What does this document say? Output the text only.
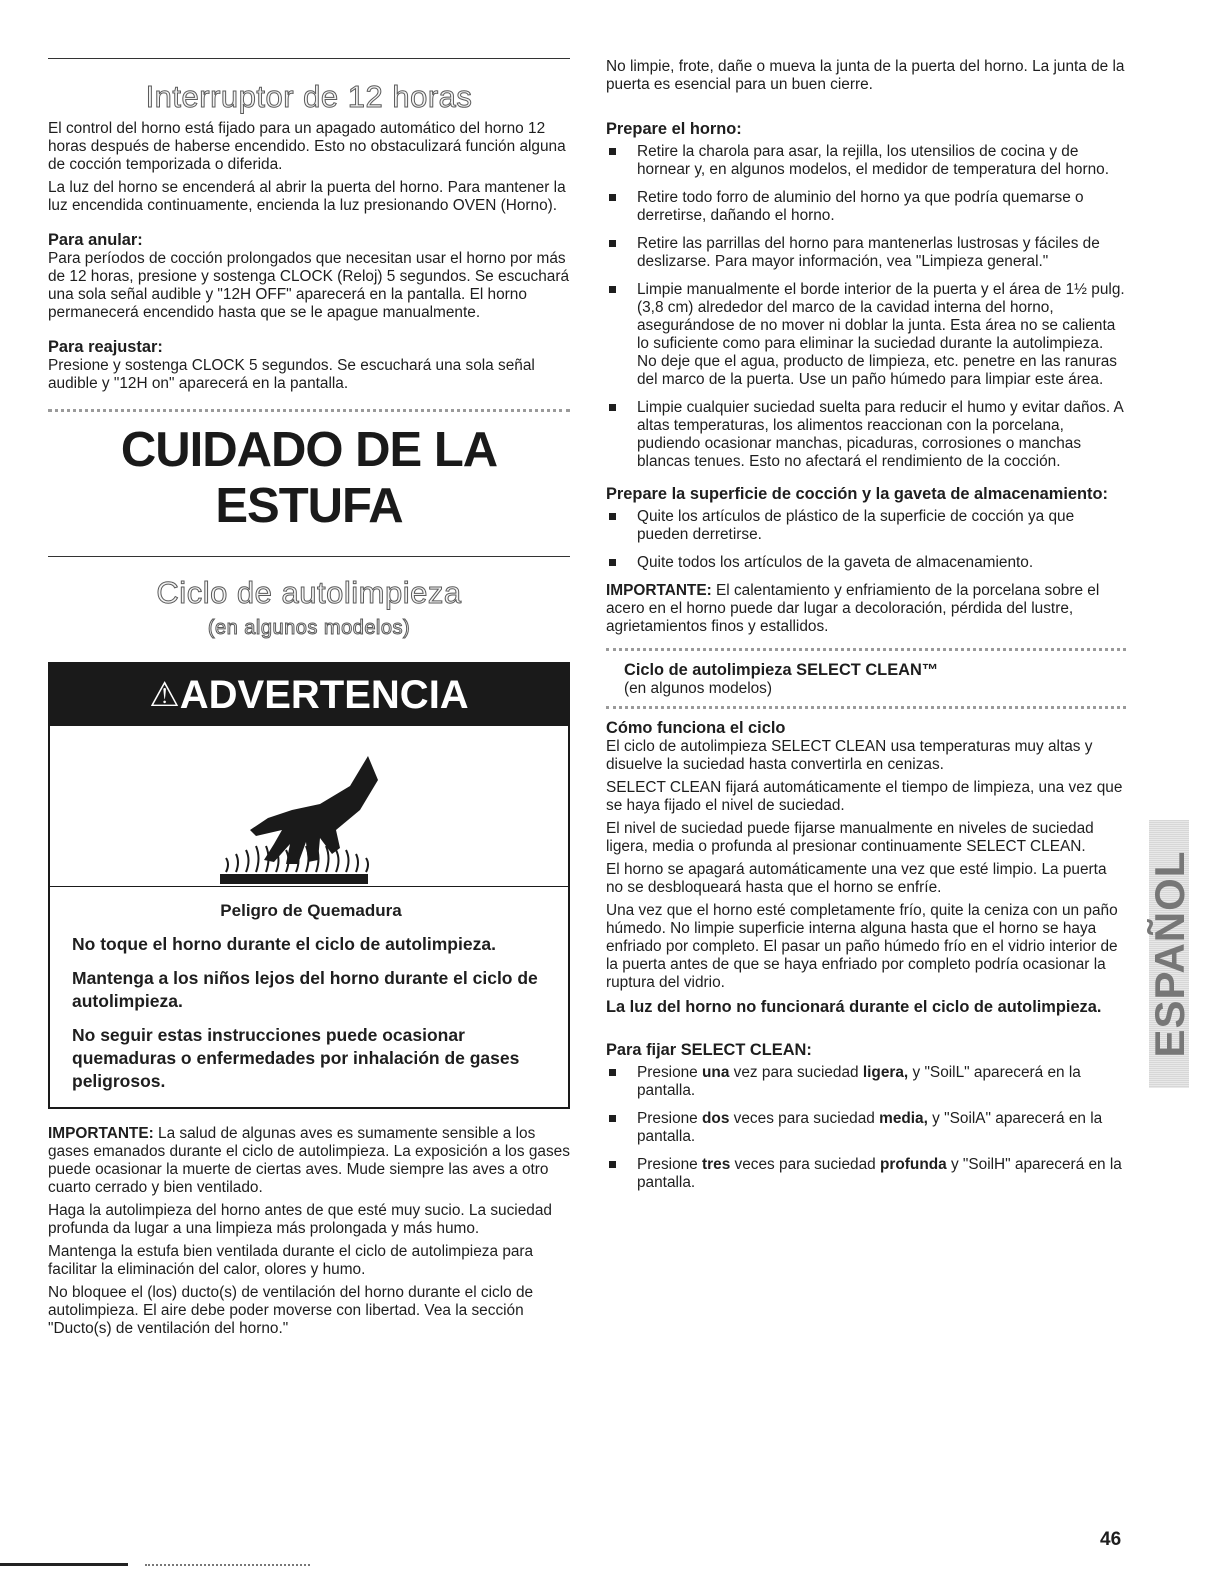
Interruptor de 12 horas

El control del horno está fijado para un apagado automático del horno 12 horas después de haberse encendido. Esto no obstaculizará función alguna de cocción temporizada o diferida.

La luz del horno se encenderá al abrir la puerta del horno. Para mantener la luz encendida continuamente, encienda la luz presionando OVEN (Horno).

Para anular:

Para períodos de cocción prolongados que necesitan usar el horno por más de 12 horas, presione y sostenga CLOCK (Reloj) 5 segundos. Se escuchará una sola señal audible y "12H OFF" aparecerá en la pantalla. El horno permanecerá encendido hasta que se le apague manualmente.

Para reajustar:

Presione y sostenga CLOCK 5 segundos. Se escuchará una sola señal audible y "12H on" aparecerá en la pantalla.

CUIDADO DE LA
ESTUFA
Ciclo de autolimpieza
(en algunos modelos)
⚠ADVERTENCIA
Peligro de Quemadura
No toque el horno durante el ciclo de autolimpieza.
Mantenga a los niños lejos del horno durante el ciclo de autolimpieza.
No seguir estas instrucciones puede ocasionar quemaduras o enfermedades por inhalación de gases peligrosos.

IMPORTANTE: La salud de algunas aves es sumamente sensible a los gases emanados durante el ciclo de autolimpieza. La exposición a los gases puede ocasionar la muerte de ciertas aves. Mude siempre las aves a otro cuarto cerrado y bien ventilado.

Haga la autolimpieza del horno antes de que esté muy sucio. La suciedad profunda da lugar a una limpieza más prolongada y más humo.

Mantenga la estufa bien ventilada durante el ciclo de autolimpieza para facilitar la eliminación del calor, olores y humo.

No bloquee el (los) ducto(s) de ventilación del horno durante el ciclo de autolimpieza. El aire debe poder moverse con libertad. Vea la sección "Ducto(s) de ventilación del horno."

No limpie, frote, dañe o mueva la junta de la puerta del horno. La junta de la puerta es esencial para un buen cierre.

Prepare el horno:
Retire la charola para asar, la rejilla, los utensilios de cocina y de hornear y, en algunos modelos, el medidor de temperatura del horno.
Retire todo forro de aluminio del horno ya que podría quemarse o derretirse, dañando el horno.
Retire las parrillas del horno para mantenerlas lustrosas y fáciles de deslizarse. Para mayor información, vea "Limpieza general."
Limpie manualmente el borde interior de la puerta y el área de 1½ pulg. (3,8 cm) alrededor del marco de la cavidad interna del horno, asegurándose de no mover ni doblar la junta. Esta área no se calienta lo suficiente como para eliminar la suciedad durante la autolimpieza. No deje que el agua, producto de limpieza, etc. penetre en las ranuras del marco de la puerta. Use un paño húmedo para limpiar este área.
Limpie cualquier suciedad suelta para reducir el humo y evitar daños. A altas temperaturas, los alimentos reaccionan con la porcelana, pudiendo ocasionar manchas, picaduras, corrosiones o manchas blancas tenues. Esto no afectará el rendimiento de la cocción.
Prepare la superficie de cocción y la gaveta de almacenamiento:
Quite los artículos de plástico de la superficie de cocción ya que pueden derretirse.
Quite todos los artículos de la gaveta de almacenamiento.

IMPORTANTE: El calentamiento y enfriamiento de la porcelana sobre el acero en el horno puede dar lugar a decoloración, pérdida del lustre, agrietamientos finos y estallidos.

Ciclo de autolimpieza SELECT CLEAN™

(en algunos modelos)

Cómo funciona el ciclo

El ciclo de autolimpieza SELECT CLEAN usa temperaturas muy altas y disuelve la suciedad hasta convertirla en cenizas.

SELECT CLEAN fijará automáticamente el tiempo de limpieza, una vez que se haya fijado el nivel de suciedad.

El nivel de suciedad puede fijarse manualmente en niveles de suciedad ligera, media o profunda al presionar continuamente SELECT CLEAN.

El horno se apagará automáticamente una vez que esté limpio. La puerta no se desbloqueará hasta que el horno se enfríe.

Una vez que el horno esté completamente frío, quite la ceniza con un paño húmedo. No limpie superficie interna alguna hasta que el horno se haya enfriado por completo. El pasar un paño húmedo frío en el vidrio interior de la puerta antes de que se haya enfriado por completo podría ocasionar la ruptura del vidrio.

La luz del horno no funcionará durante el ciclo de autolimpieza.
Para fijar SELECT CLEAN:
Presione una vez para suciedad ligera, y "SoilL" aparecerá en la pantalla.
Presione dos veces para suciedad media, y "SoilA" aparecerá en la pantalla.
Presione tres veces para suciedad profunda y "SoilH" aparecerá en la pantalla.
ESPAÑOL
46
